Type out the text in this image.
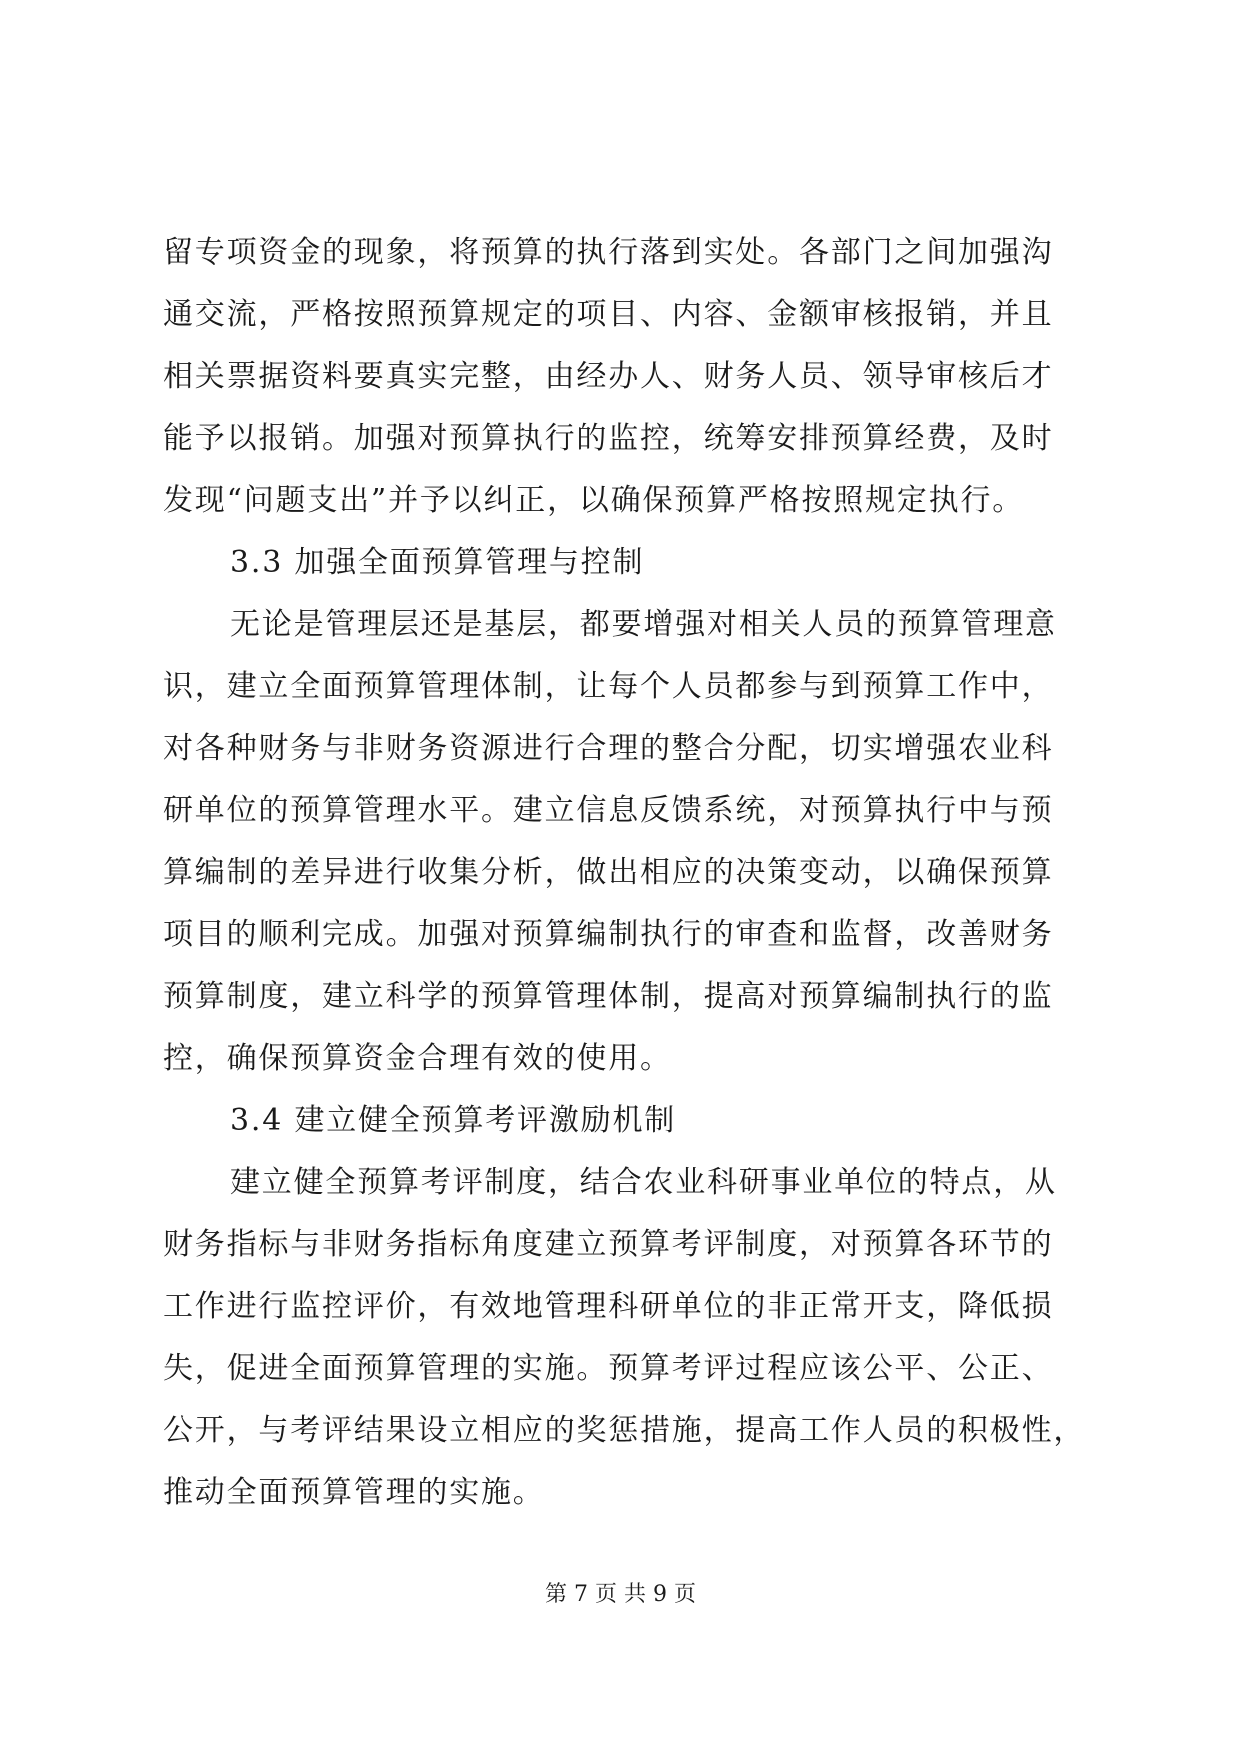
留专项资金的现象，将预算的执行落到实处。各部门之间加强沟
通交流，严格按照预算规定的项目、内容、金额审核报销，并且
相关票据资料要真实完整，由经办人、财务人员、领导审核后才
能予以报销。加强对预算执行的监控，统筹安排预算经费，及时
发现“问题支出”并予以纠正，以确保预算严格按照规定执行。
3.3 加强全面预算管理与控制
无论是管理层还是基层，都要增强对相关人员的预算管理意
识，建立全面预算管理体制，让每个人员都参与到预算工作中，
对各种财务与非财务资源进行合理的整合分配，切实增强农业科
研单位的预算管理水平。建立信息反馈系统，对预算执行中与预
算编制的差异进行收集分析，做出相应的决策变动，以确保预算
项目的顺利完成。加强对预算编制执行的审查和监督，改善财务
预算制度，建立科学的预算管理体制，提高对预算编制执行的监
控，确保预算资金合理有效的使用。
3.4 建立健全预算考评激励机制
建立健全预算考评制度，结合农业科研事业单位的特点，从
财务指标与非财务指标角度建立预算考评制度，对预算各环节的
工作进行监控评价，有效地管理科研单位的非正常开支，降低损
失，促进全面预算管理的实施。预算考评过程应该公平、公正、
公开，与考评结果设立相应的奖惩措施，提高工作人员的积极性，
推动全面预算管理的实施。
第 7 页 共 9 页
